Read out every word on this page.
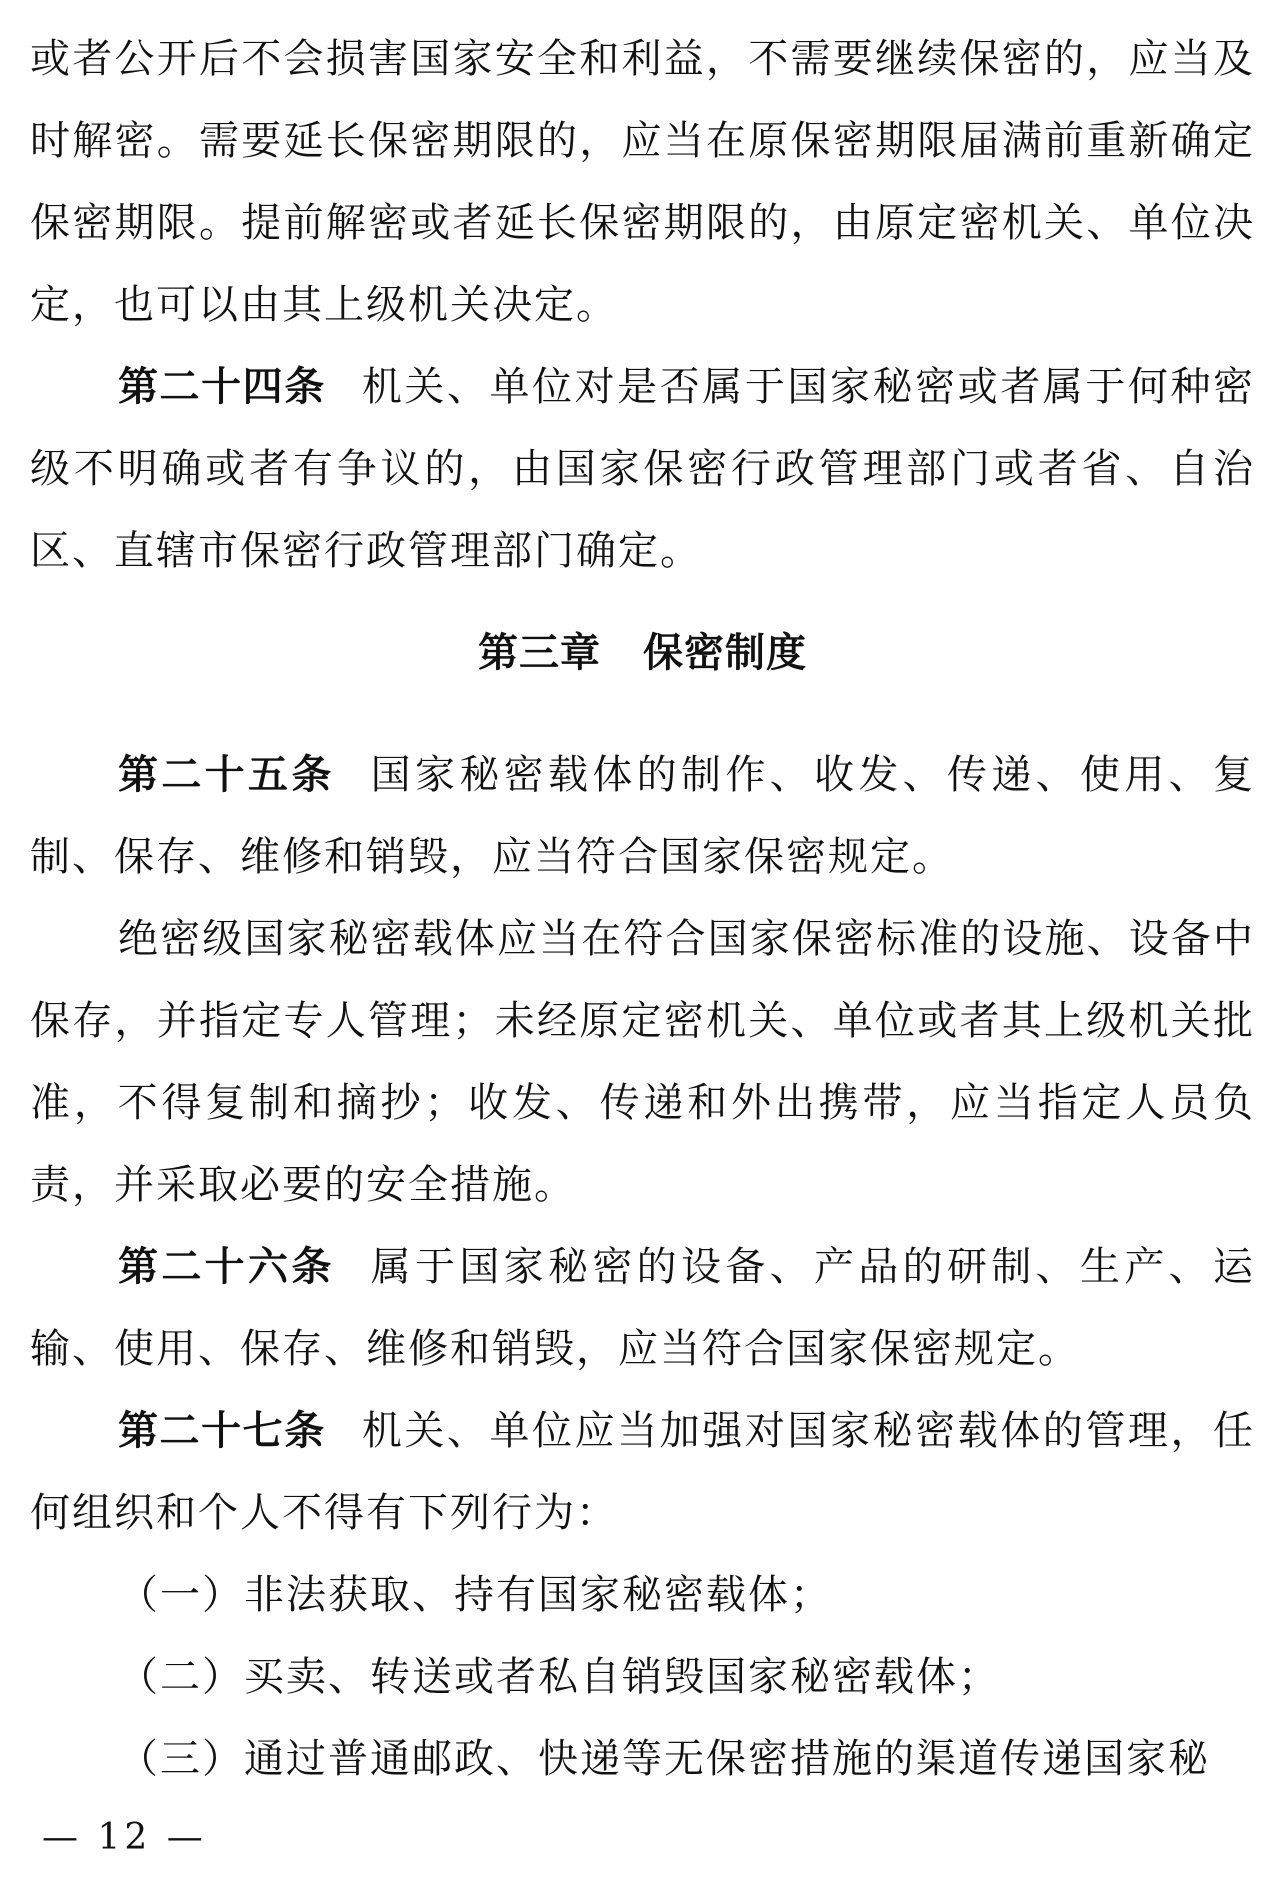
或者公开后不会损害国家安全和利益，不需要继续保密的，应当及时解密。需要延长保密期限的，应当在原保密期限届满前重新确定保密期限。提前解密或者延长保密期限的，由原定密机关、单位决定，也可以由其上级机关决定。

第二十四条 机关、单位对是否属于国家秘密或者属于何种密级不明确或者有争议的，由国家保密行政管理部门或者省、自治区、直辖市保密行政管理部门确定。

第三章 保密制度

第二十五条 国家秘密载体的制作、收发、传递、使用、复制、保存、维修和销毁，应当符合国家保密规定。

绝密级国家秘密载体应当在符合国家保密标准的设施、设备中保存，并指定专人管理；未经原定密机关、单位或者其上级机关批准，不得复制和摘抄；收发、传递和外出携带，应当指定人员负责，并采取必要的安全措施。

第二十六条 属于国家秘密的设备、产品的研制、生产、运输、使用、保存、维修和销毁，应当符合国家保密规定。

第二十七条 机关、单位应当加强对国家秘密载体的管理，任何组织和个人不得有下列行为：

（一）非法获取、持有国家秘密载体；

（二）买卖、转送或者私自销毁国家秘密载体；

（三）通过普通邮政、快递等无保密措施的渠道传递国家秘

— 12 —
